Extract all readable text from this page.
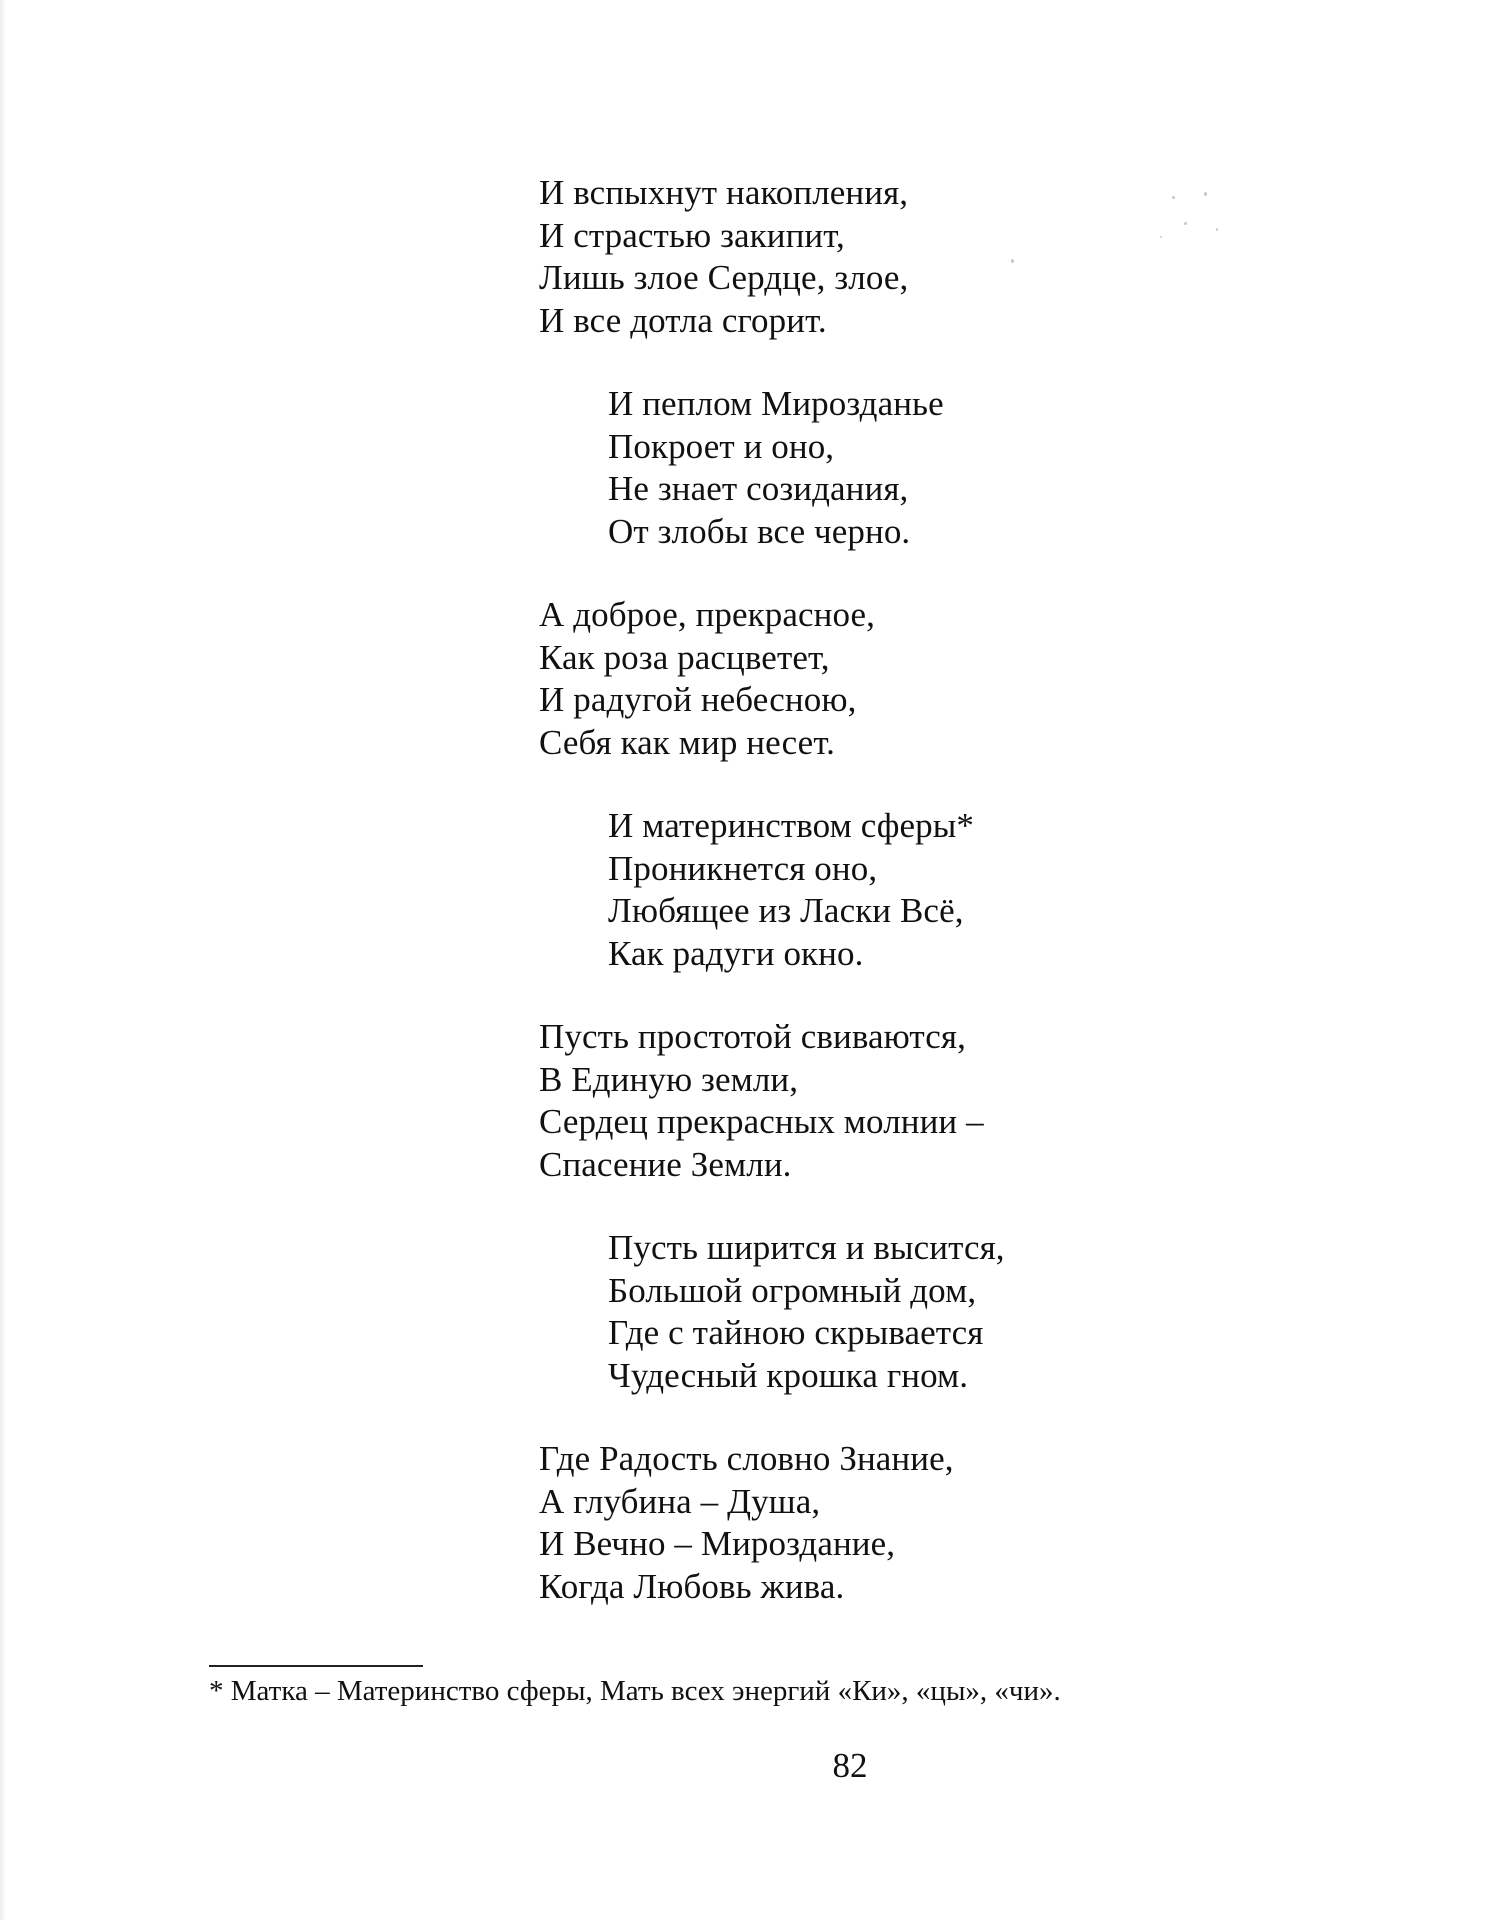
И вспыхнут накопления,
И страстью закипит,
Лишь злое Сердце, злое,
И все дотла сгорит.
И пеплом Мирозданье
Покроет и оно,
Не знает созидания,
От злобы все черно.
А доброе, прекрасное,
Как роза расцветет,
И радугой небесною,
Себя как мир несет.
И материнством сферы*
Проникнется оно,
Любящее из Ласки Всё,
Как радуги окно.
Пусть простотой свиваются,
В Единую земли,
Сердец прекрасных молнии –
Спасение Земли.
Пусть ширится и высится,
Большой огромный дом,
Где с тайною скрывается
Чудесный крошка гном.
Где Радость словно Знание,
А глубина – Душа,
И Вечно – Мироздание,
Когда Любовь жива.
* Матка – Материнство сферы, Мать всех энергий «Ки», «цы», «чи».
82
